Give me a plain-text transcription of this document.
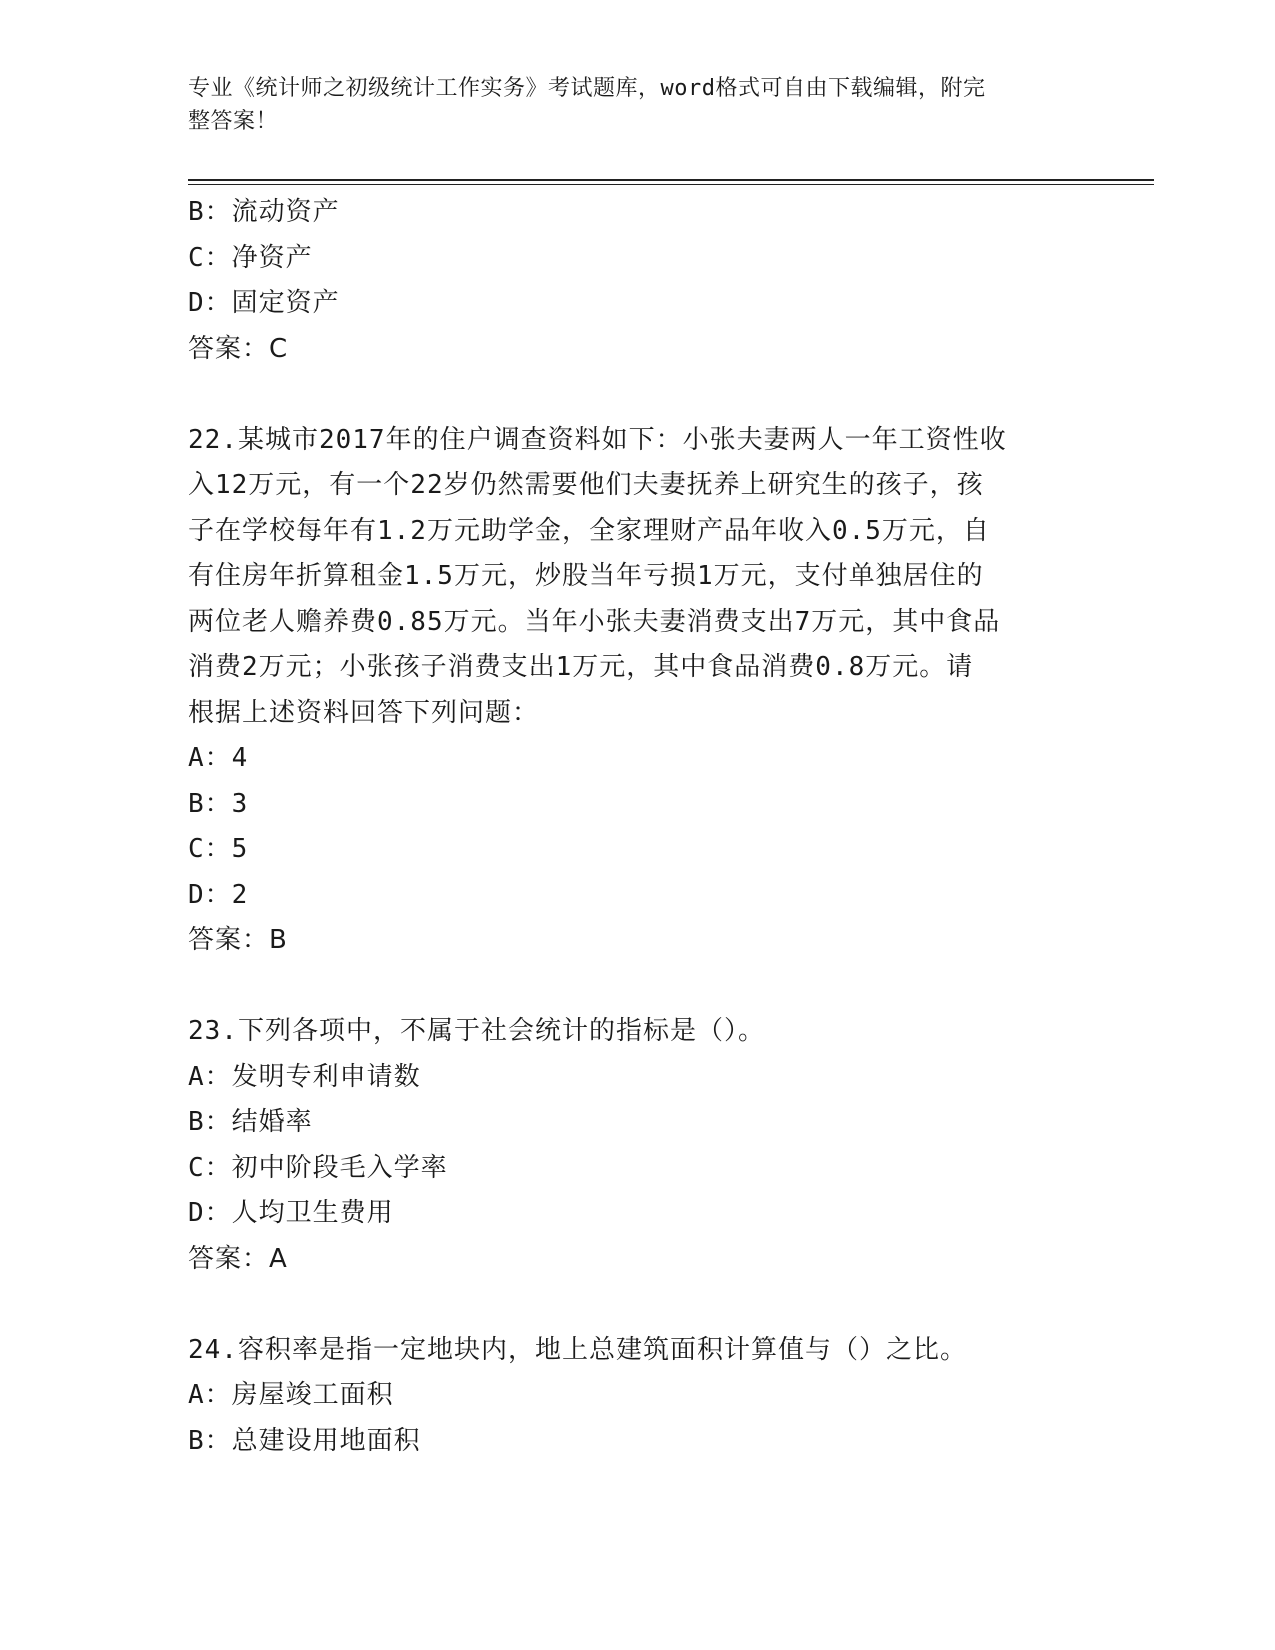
专业《统计师之初级统计工作实务》考试题库，word格式可自由下载编辑，附完
整答案！
B：流动资产
C：净资产
D：固定资产
答案：C
22.某城市2017年的住户调查资料如下：小张夫妻两人一年工资性收
入12万元，有一个22岁仍然需要他们夫妻抚养上研究生的孩子，孩
子在学校每年有1.2万元助学金，全家理财产品年收入0.5万元，自
有住房年折算租金1.5万元，炒股当年亏损1万元，支付单独居住的
两位老人赡养费0.85万元。当年小张夫妻消费支出7万元，其中食品
消费2万元；小张孩子消费支出1万元，其中食品消费0.8万元。请
根据上述资料回答下列问题：
A：4
B：3
C：5
D：2
答案：B
23.下列各项中，不属于社会统计的指标是（）。
A：发明专利申请数
B：结婚率
C：初中阶段毛入学率
D：人均卫生费用
答案：A
24.容积率是指一定地块内，地上总建筑面积计算值与（）之比。
A：房屋竣工面积
B：总建设用地面积
